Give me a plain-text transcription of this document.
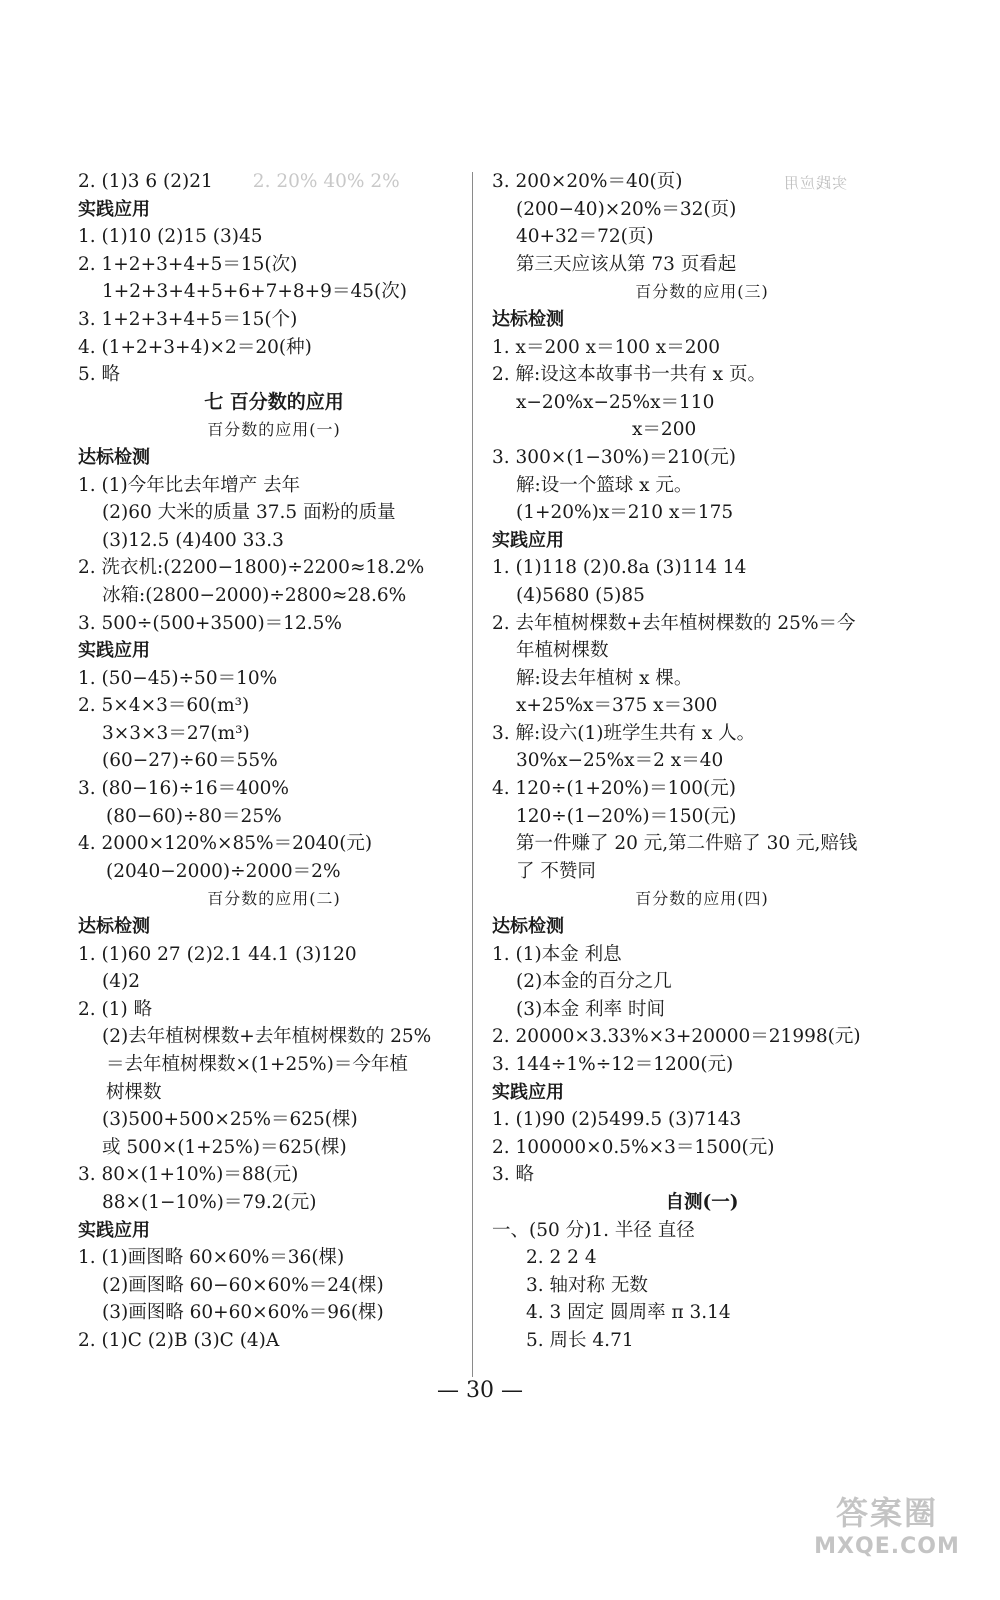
2. (1)3 6 (2)21 2. 20% 40% 2%
实践应用
1. (1)10 (2)15 (3)45
2. 1+2+3+4+5＝15(次)
1+2+3+4+5+6+7+8+9＝45(次)
3. 1+2+3+4+5＝15(个)
4. (1+2+3+4)×2＝20(种)
5. 略
七 百分数的应用
百分数的应用(一)
达标检测
1. (1)今年比去年增产 去年
(2)60 大米的质量 37.5 面粉的质量
(3)12.5 (4)400 33.3
2. 洗衣机:(2200−1800)÷2200≈18.2%
冰箱:(2800−2000)÷2800≈28.6%
3. 500÷(500+3500)＝12.5%
实践应用
1. (50−45)÷50＝10%
2. 5×4×3＝60(m³)
3×3×3＝27(m³)
(60−27)÷60＝55%
3. (80−16)÷16＝400%
(80−60)÷80＝25%
4. 2000×120%×85%＝2040(元)
(2040−2000)÷2000＝2%
百分数的应用(二)
达标检测
1. (1)60 27 (2)2.1 44.1 (3)120
(4)2
2. (1) 略
(2)去年植树棵数+去年植树棵数的 25%
＝去年植树棵数×(1+25%)＝今年植
树棵数
(3)500+500×25%＝625(棵)
或 500×(1+25%)＝625(棵)
3. 80×(1+10%)＝88(元)
88×(1−10%)＝79.2(元)
实践应用
1. (1)画图略 60×60%＝36(棵)
(2)画图略 60−60×60%＝24(棵)
(3)画图略 60+60×60%＝96(棵)
2. (1)C (2)B (3)C (4)A
实践应用
3. 200×20%＝40(页)
(200−40)×20%＝32(页)
40+32＝72(页)
第三天应该从第 73 页看起
百分数的应用(三)
达标检测
1. x＝200 x＝100 x＝200
2. 解:设这本故事书一共有 x 页。
x−20%x−25%x＝110
x＝200
3. 300×(1−30%)＝210(元)
解:设一个篮球 x 元。
(1+20%)x＝210 x＝175
实践应用
1. (1)118 (2)0.8a (3)114 14
(4)5680 (5)85
2. 去年植树棵数+去年植树棵数的 25%＝今
年植树棵数
解:设去年植树 x 棵。
x+25%x＝375 x＝300
3. 解:设六(1)班学生共有 x 人。
30%x−25%x＝2 x＝40
4. 120÷(1+20%)＝100(元)
120÷(1−20%)＝150(元)
第一件赚了 20 元,第二件赔了 30 元,赔钱
了 不赞同
百分数的应用(四)
达标检测
1. (1)本金 利息
(2)本金的百分之几
(3)本金 利率 时间
2. 20000×3.33%×3+20000＝21998(元)
3. 144÷1%÷12＝1200(元)
实践应用
1. (1)90 (2)5499.5 (3)7143
2. 100000×0.5%×3＝1500(元)
3. 略
自测(一)
一、(50 分)1. 半径 直径
2. 2 2 4
3. 轴对称 无数
4. 3 固定 圆周率 π 3.14
5. 周长 4.71
— 30 —
答案圈
MXQE.COM
